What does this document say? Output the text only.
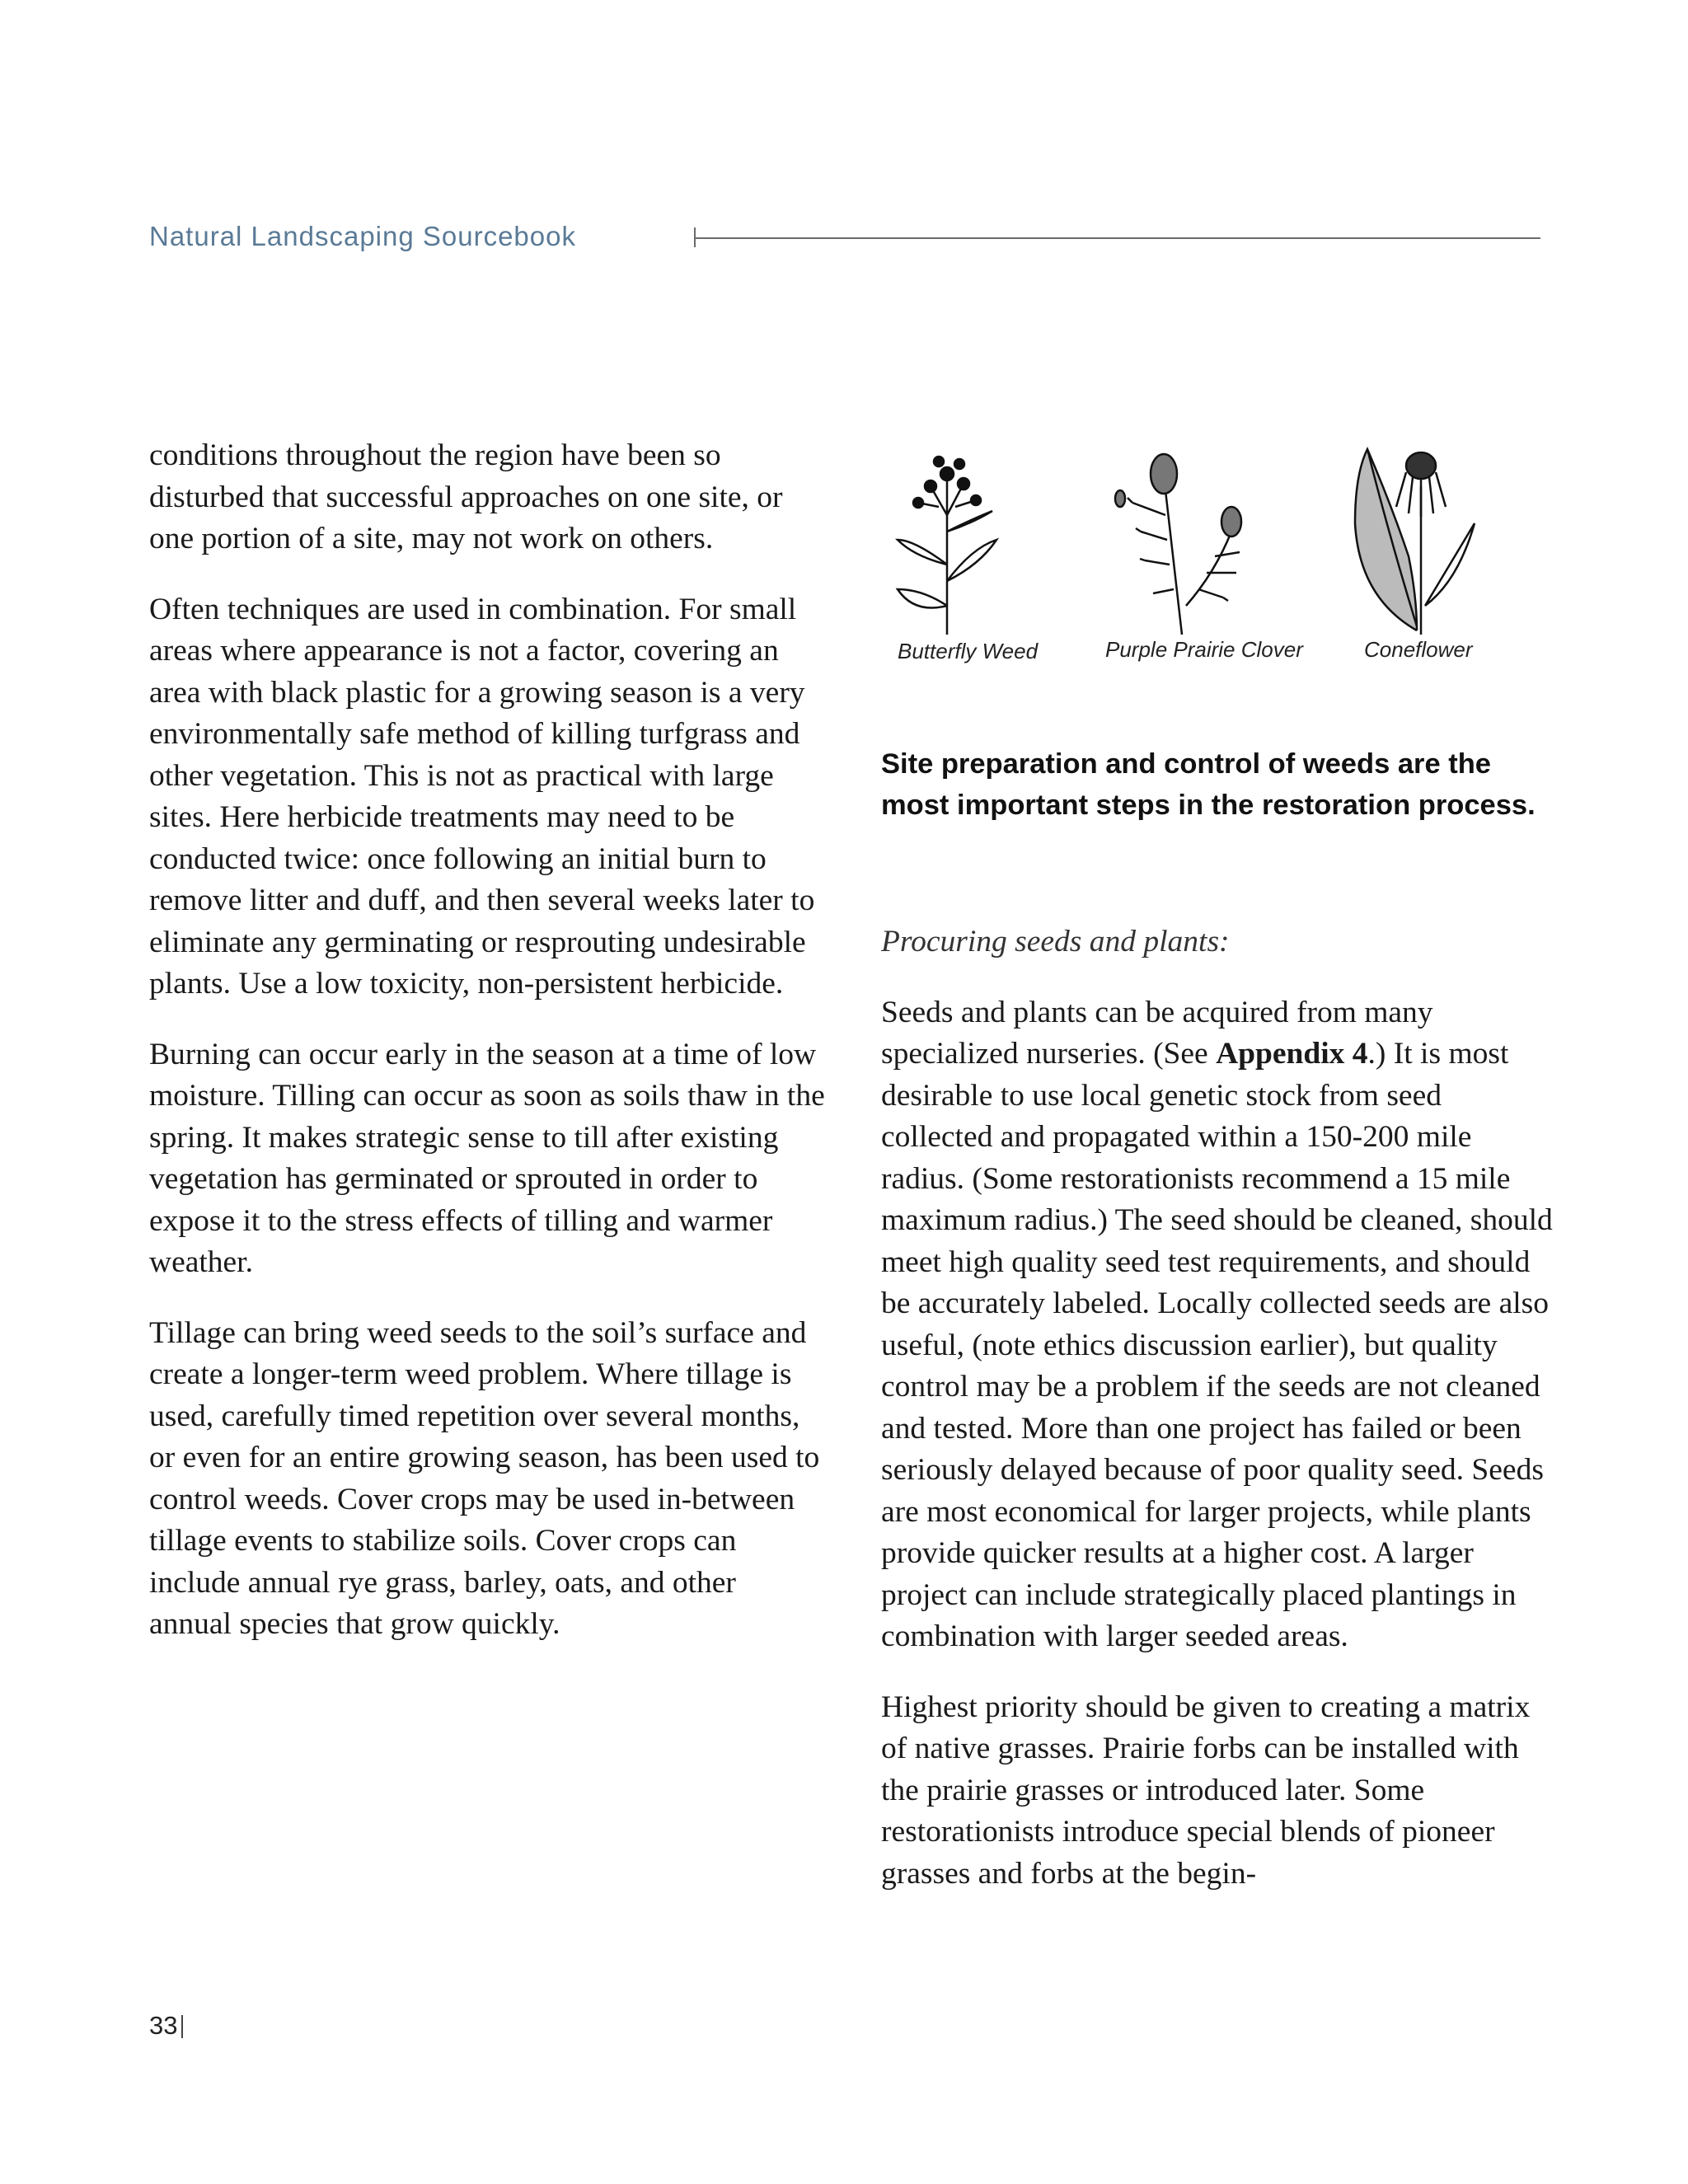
Natural Landscaping Sourcebook

conditions throughout the region have been so disturbed that successful approaches on one site, or one portion of a site, may not work on others.

Often techniques are used in combination. For small areas where appearance is not a factor, covering an area with black plastic for a growing season is a very environmentally safe method of killing turfgrass and other vegetation. This is not as practical with large sites. Here herbicide treatments may need to be conducted twice: once following an initial burn to remove litter and duff, and then several weeks later to eliminate any germinating or resprouting undesirable plants. Use a low toxicity, non-persistent herbicide.

Burning can occur early in the season at a time of low moisture. Tilling can occur as soon as soils thaw in the spring. It makes strategic sense to till after existing vegetation has germinated or sprouted in order to expose it to the stress effects of tilling and warmer weather.

Tillage can bring weed seeds to the soil’s surface and create a longer-term weed problem. Where tillage is used, carefully timed repetition over several months, or even for an entire growing season, has been used to control weeds. Cover crops may be used in-between tillage events to stabilize soils. Cover crops can include annual rye grass, barley, oats, and other annual species that grow quickly.

Butterfly Weed	Purple Prairie Clover	Coneflower
Site preparation and control of weeds are the most important steps in the restoration process.

Procuring seeds and plants:

Seeds and plants can be acquired from many specialized nurseries. (See Appendix 4.) It is most desirable to use local genetic stock from seed collected and propagated within a 150-200 mile radius. (Some restorationists recommend a 15 mile maximum radius.) The seed should be cleaned, should meet high quality seed test requirements, and should be accurately labeled. Locally collected seeds are also useful, (note ethics discussion earlier), but quality control may be a problem if the seeds are not cleaned and tested. More than one project has failed or been seriously delayed because of poor quality seed. Seeds are most economical for larger projects, while plants provide quicker results at a higher cost. A larger project can include strategically placed plantings in combination with larger seeded areas.

Highest priority should be given to creating a matrix of native grasses. Prairie forbs can be installed with the prairie grasses or introduced later. Some restorationists introduce special blends of pioneer grasses and forbs at the begin-

33
